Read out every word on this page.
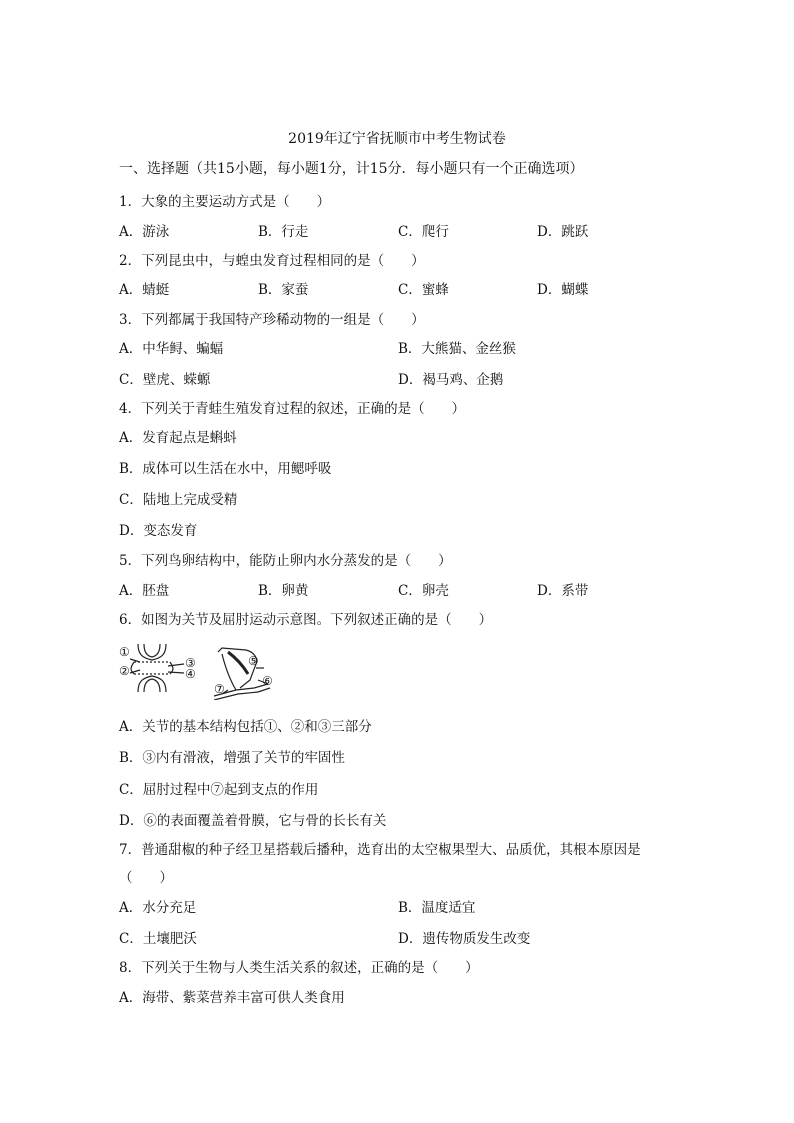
2019年辽宁省抚顺市中考生物试卷
一、选择题（共15小题，每小题1分，计15分．每小题只有一个正确选项）
1．大象的主要运动方式是（　　）
A．游泳	B．行走	C．爬行	D．跳跃
2．下列昆虫中，与蝗虫发育过程相同的是（　　）
A．蜻蜓	B．家蚕	C．蜜蜂	D．蝴蝶
3．下列都属于我国特产珍稀动物的一组是（　　）
A．中华鲟、蝙蝠	B．大熊猫、金丝猴
C．壁虎、蝾螈	D．褐马鸡、企鹅
4．下列关于青蛙生殖发育过程的叙述，正确的是（　　）
A．发育起点是蝌蚪
B．成体可以生活在水中，用鳃呼吸
C．陆地上完成受精
D．变态发育
5．下列鸟卵结构中，能防止卵内水分蒸发的是（　　）
A．胚盘	B．卵黄	C．卵壳	D．系带
6．如图为关节及屈肘运动示意图。下列叙述正确的是（　　）
①
②
③
④
⑤
⑥
⑦
A．关节的基本结构包括①、②和③三部分
B．③内有滑液，增强了关节的牢固性
C．屈肘过程中⑦起到支点的作用
D．⑥的表面覆盖着骨膜，它与骨的长长有关
7．普通甜椒的种子经卫星搭载后播种，选育出的太空椒果型大、品质优，其根本原因是
（　　）
A．水分充足	B．温度适宜
C．土壤肥沃	D．遗传物质发生改变
8．下列关于生物与人类生活关系的叙述，正确的是（　　）
A．海带、紫菜营养丰富可供人类食用
